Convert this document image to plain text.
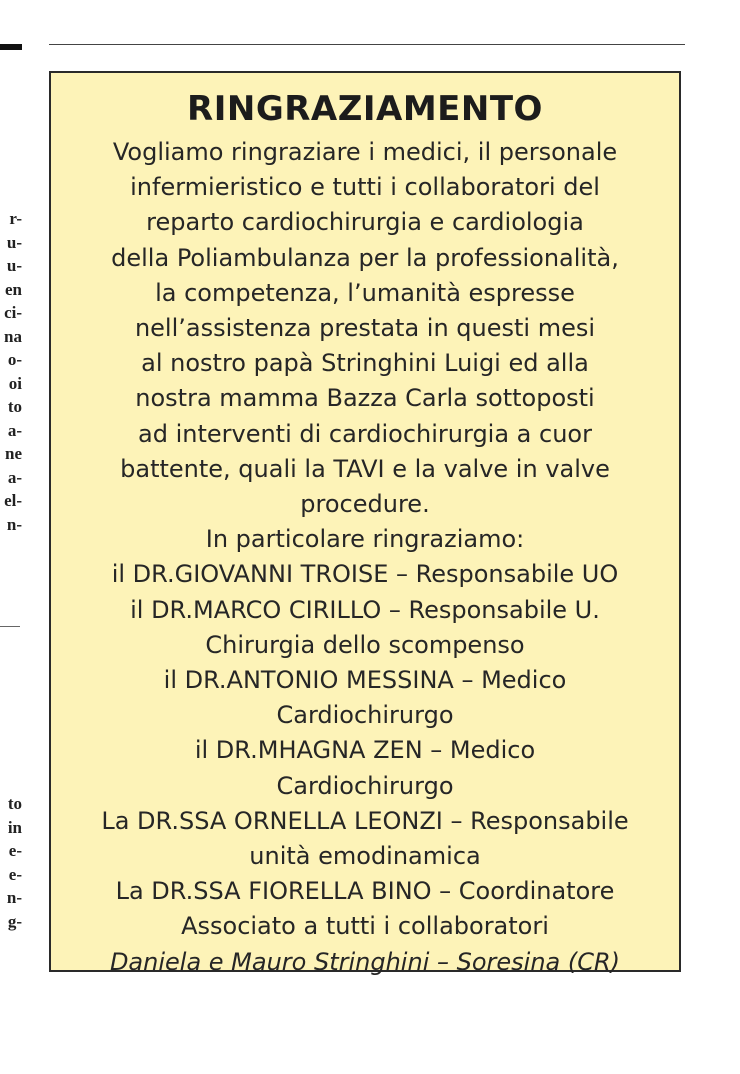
r-
u-
u-
en
ci-
na
o-
oi
to
a-
ne
a-
el-
n-
to
in
e-
e-
n-
g-
RINGRAZIAMENTO
Vogliamo ringraziare i medici, il personale
infermieristico e tutti i collaboratori del
reparto cardiochirurgia e cardiologia
della Poliambulanza per la professionalità,
la competenza, l’umanità espresse
nell’assistenza prestata in questi mesi
al nostro papà Stringhini Luigi ed alla
nostra mamma Bazza Carla sottoposti
ad interventi di cardiochirurgia a cuor
battente, quali la TAVI e la valve in valve
procedure.
In particolare ringraziamo:
il DR.GIOVANNI TROISE – Responsabile UO
il DR.MARCO CIRILLO – Responsabile U.
Chirurgia dello scompenso
il DR.ANTONIO MESSINA – Medico
Cardiochirurgo
il DR.MHAGNA ZEN – Medico
Cardiochirurgo
La DR.SSA ORNELLA LEONZI – Responsabile
unità emodinamica
La DR.SSA FIORELLA BINO – Coordinatore
Associato a tutti i collaboratori
Daniela e Mauro Stringhini – Soresina (CR)
